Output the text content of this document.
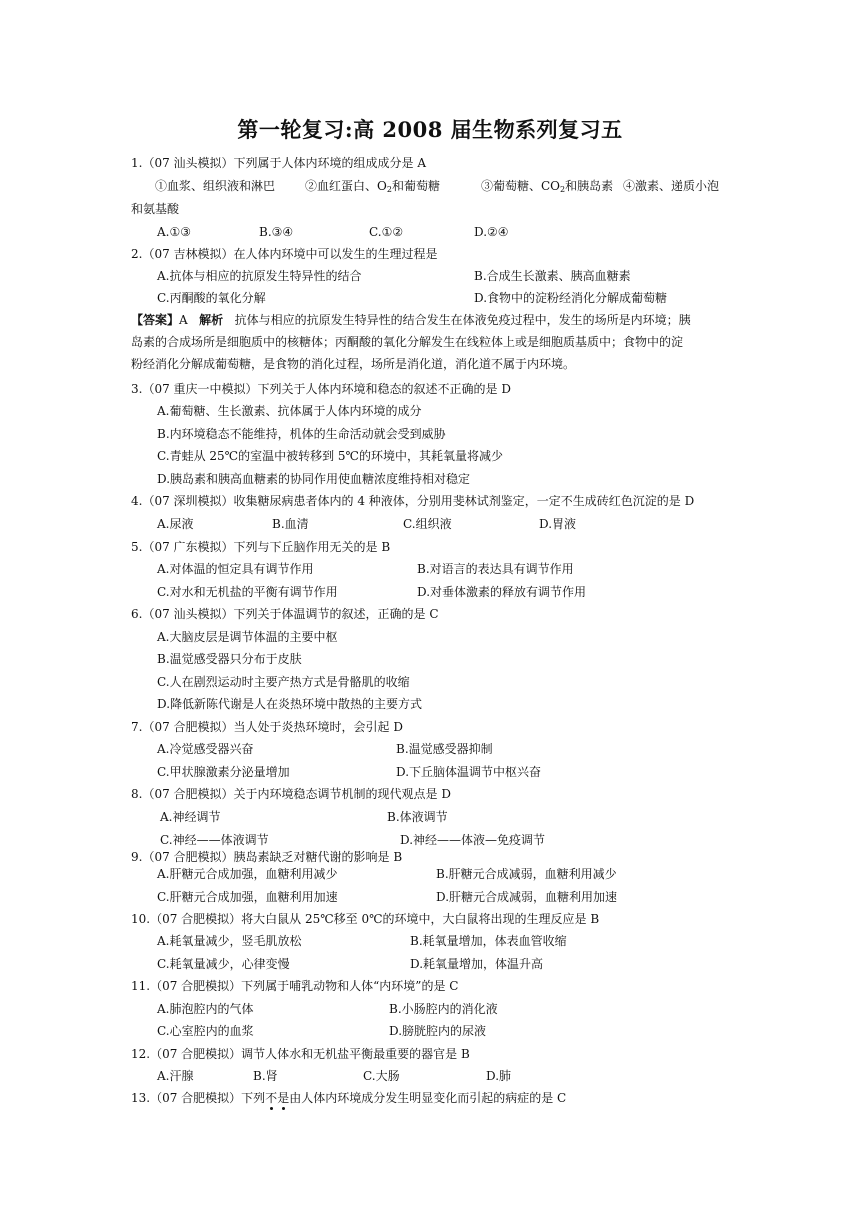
第一轮复习:高 2008 届生物系列复习五
1.（07 汕头模拟）下列属于人体内环境的组成成分是 A
①血浆、组织液和淋巴 ②血红蛋白、$O_2$和葡萄糖	③葡萄糖、$CO_2$和胰岛素 ④激素、递质小泡
和氨基酸
A.①③	B.③④	C.①②	D.②④
2.（07 吉林模拟）在人体内环境中可以发生的生理过程是
A.抗体与相应的抗原发生特异性的结合	B.合成生长激素、胰高血糖素
C.丙酮酸的氧化分解	D.食物中的淀粉经消化分解成葡萄糖
【答案】A 解析 抗体与相应的抗原发生特异性的结合发生在体液免疫过程中，发生的场所是内环境；胰
岛素的合成场所是细胞质中的核糖体；丙酮酸的氧化分解发生在线粒体上或是细胞质基质中；食物中的淀
粉经消化分解成葡萄糖，是食物的消化过程，场所是消化道，消化道不属于内环境。
3.（07 重庆一中模拟）下列关于人体内环境和稳态的叙述不正确的是 D
A.葡萄糖、生长激素、抗体属于人体内环境的成分
B.内环境稳态不能维持，机体的生命活动就会受到威胁
C.青蛙从 25℃的室温中被转移到 5℃的环境中，其耗氧量将减少
D.胰岛素和胰高血糖素的协同作用使血糖浓度维持相对稳定
4.（07 深圳模拟）收集糖尿病患者体内的 4 种液体，分别用斐林试剂鉴定，一定不生成砖红色沉淀的是 D
A.尿液	B.血清	C.组织液	D.胃液
5.（07 广东模拟）下列与下丘脑作用无关的是 B
A.对体温的恒定具有调节作用	B.对语言的表达具有调节作用
C.对水和无机盐的平衡有调节作用	D.对垂体激素的释放有调节作用
6.（07 汕头模拟）下列关于体温调节的叙述，正确的是 C
A.大脑皮层是调节体温的主要中枢
B.温觉感受器只分布于皮肤
C.人在剧烈运动时主要产热方式是骨骼肌的收缩
D.降低新陈代谢是人在炎热环境中散热的主要方式
7.（07 合肥模拟）当人处于炎热环境时，会引起 D
A.冷觉感受器兴奋	B.温觉感受器抑制
C.甲状腺激素分泌量增加	D.下丘脑体温调节中枢兴奋
8.（07 合肥模拟）关于内环境稳态调节机制的现代观点是 D
A.神经调节	B.体液调节
C.神经——体液调节	D.神经——体液—免疫调节
9.（07 合肥模拟）胰岛素缺乏对糖代谢的影响是 B
A.肝糖元合成加强，血糖利用减少	B.肝糖元合成减弱，血糖利用减少
C.肝糖元合成加强，血糖利用加速	D.肝糖元合成减弱，血糖利用加速
10.（07 合肥模拟）将大白鼠从 25℃移至 0℃的环境中，大白鼠将出现的生理反应是 B
A.耗氧量减少，竖毛肌放松	B.耗氧量增加，体表血管收缩
C.耗氧量减少，心律变慢	D.耗氧量增加，体温升高
11.（07 合肥模拟）下列属于哺乳动物和人体“内环境”的是 C
A.肺泡腔内的气体	B.小肠腔内的消化液
C.心室腔内的血浆	D.膀胱腔内的尿液
12.（07 合肥模拟）调节人体水和无机盐平衡最重要的器官是 B
A.汗腺	B.肾	C.大肠	D.肺
13.（07 合肥模拟）下列不是由人体内环境成分发生明显变化而引起的病症的是 C
